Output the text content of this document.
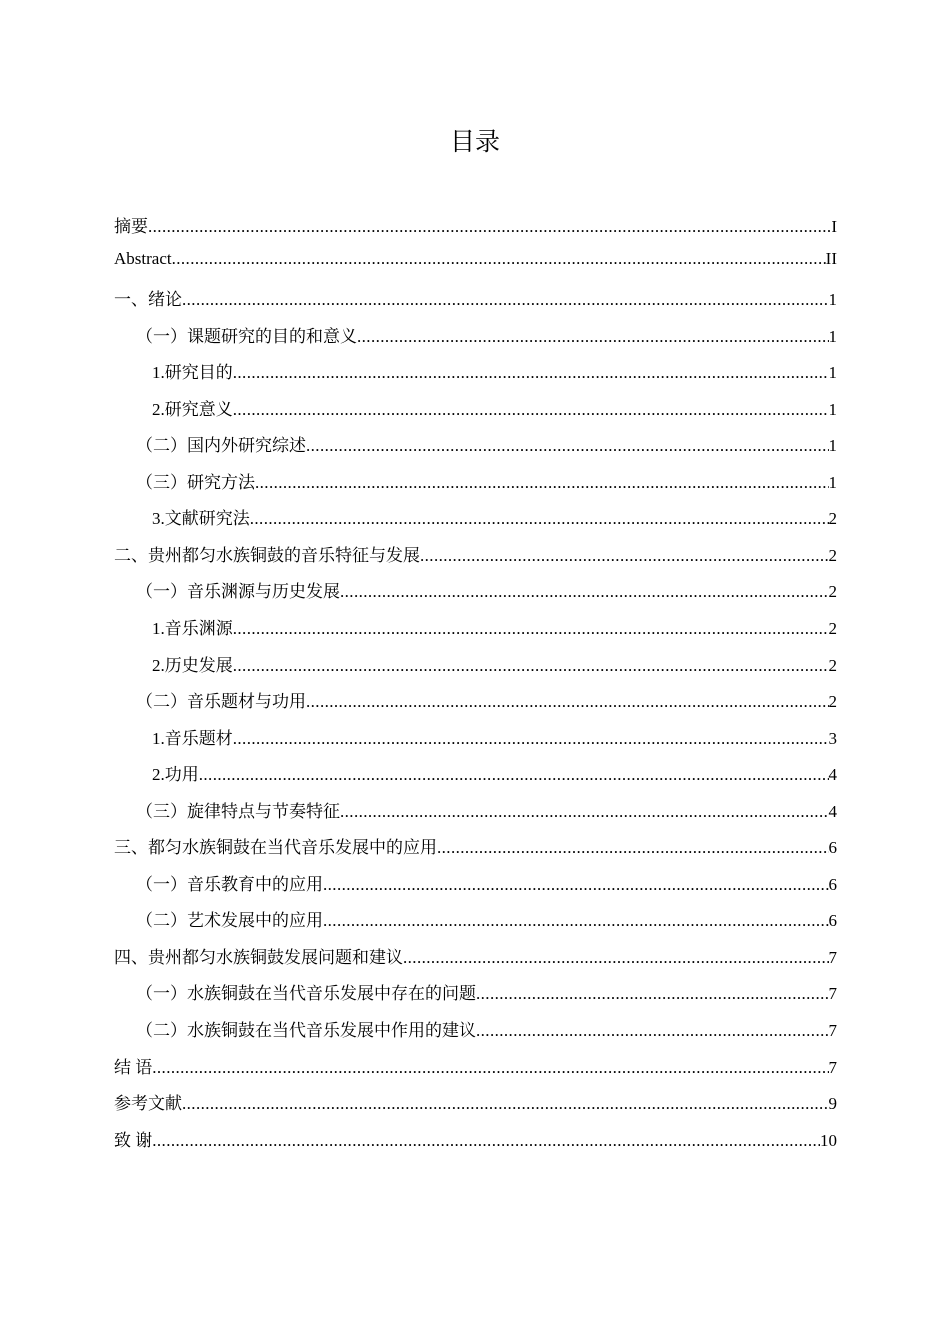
目录
摘要 .....	I
Abstract .....	II
一、绪论 .....	1
（一）课题研究的目的和意义 .....	1
1.研究目的 .....	1
2.研究意义 .....	1
（二）国内外研究综述 .....	1
（三）研究方法 .....	1
3.文献研究法 .....	2
二、贵州都匀水族铜鼓的音乐特征与发展 .....	2
（一）音乐渊源与历史发展 .....	2
1.音乐渊源 .....	2
2.历史发展 .....	2
（二）音乐题材与功用 .....	2
1.音乐题材 .....	3
2.功用 .....	4
（三）旋律特点与节奏特征 .....	4
三、都匀水族铜鼓在当代音乐发展中的应用 .....	6
（一）音乐教育中的应用 .....	6
（二）艺术发展中的应用 .....	6
四、贵州都匀水族铜鼓发展问题和建议 .....	7
（一）水族铜鼓在当代音乐发展中存在的问题 .....	7
（二）水族铜鼓在当代音乐发展中作用的建议 .....	7
结 语 .....	7
参考文献 .....	9
致 谢 .....	10
